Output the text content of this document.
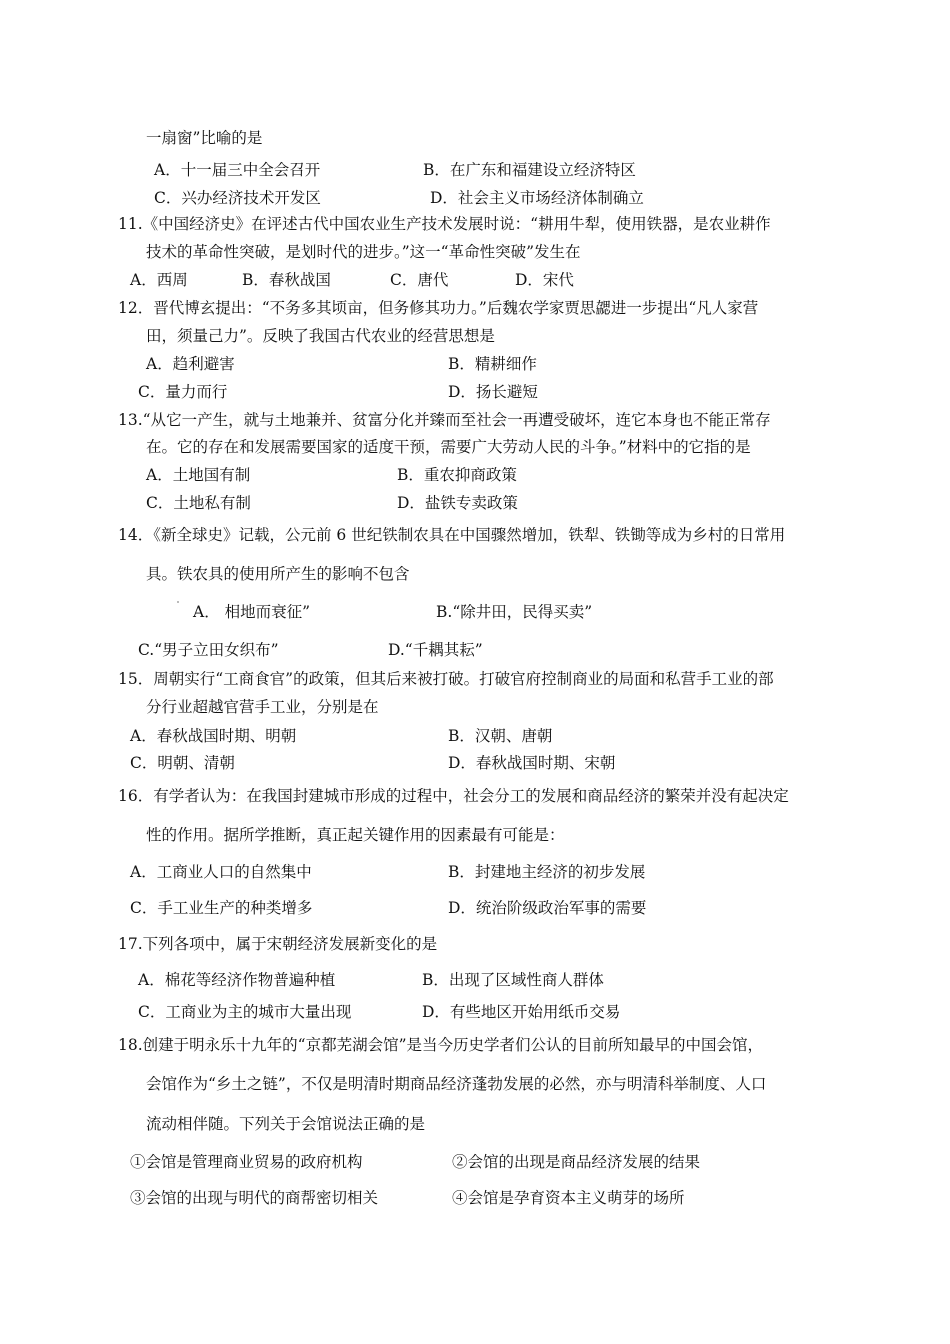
一扇窗”比喻的是
A．十一届三中全会召开	B．在广东和福建设立经济特区
C．兴办经济技术开发区	D．社会主义市场经济体制确立
11.《中国经济史》在评述古代中国农业生产技术发展时说：“耕用牛犁，使用铁器，是农业耕作
技术的革命性突破，是划时代的进步。”这一“革命性突破”发生在
A．西周	B．春秋战国	C．唐代	D．宋代
12．晋代博玄提出：“不务多其顷亩，但务修其功力。”后魏农学家贾思勰进一步提出“凡人家营
田，须量己力”。反映了我国古代农业的经营思想是
A．趋利避害	B．精耕细作
C．量力而行	D．扬长避短
13.“从它一产生，就与土地兼并、贫富分化并臻而至社会一再遭受破坏，连它本身也不能正常存
在。它的存在和发展需要国家的适度干预，需要广大劳动人民的斗争。”材料中的它指的是
A．土地国有制	B．重农抑商政策
C．土地私有制	D．盐铁专卖政策
14．《新全球史》记载，公元前 6 世纪铁制农具在中国骤然增加，铁犁、铁锄等成为乡村的日常用
具。铁农具的使用所产生的影响不包含
A． 相地而衰征”	B.“除井田，民得买卖”
C.“男子立田女织布”	D.“千耦其耘”
15．周朝实行“工商食官”的政策，但其后来被打破。打破官府控制商业的局面和私营手工业的部
分行业超越官营手工业，分别是在
A．春秋战国时期、明朝	B．汉朝、唐朝
C．明朝、清朝	D．春秋战国时期、宋朝
16．有学者认为：在我国封建城市形成的过程中，社会分工的发展和商品经济的繁荣并没有起决定
性的作用。据所学推断，真正起关键作用的因素最有可能是：
A．工商业人口的自然集中	B．封建地主经济的初步发展
C．手工业生产的种类增多	D．统治阶级政治军事的需要
17.下列各项中，属于宋朝经济发展新变化的是
A．棉花等经济作物普遍种植	B．出现了区域性商人群体
C．工商业为主的城市大量出现	D．有些地区开始用纸币交易
18.创建于明永乐十九年的“京都芜湖会馆”是当今历史学者们公认的目前所知最早的中国会馆，
会馆作为“乡土之链”，不仅是明清时期商品经济蓬勃发展的必然，亦与明清科举制度、人口
流动相伴随。下列关于会馆说法正确的是
①会馆是管理商业贸易的政府机构	②会馆的出现是商品经济发展的结果
③会馆的出现与明代的商帮密切相关	④会馆是孕育资本主义萌芽的场所
